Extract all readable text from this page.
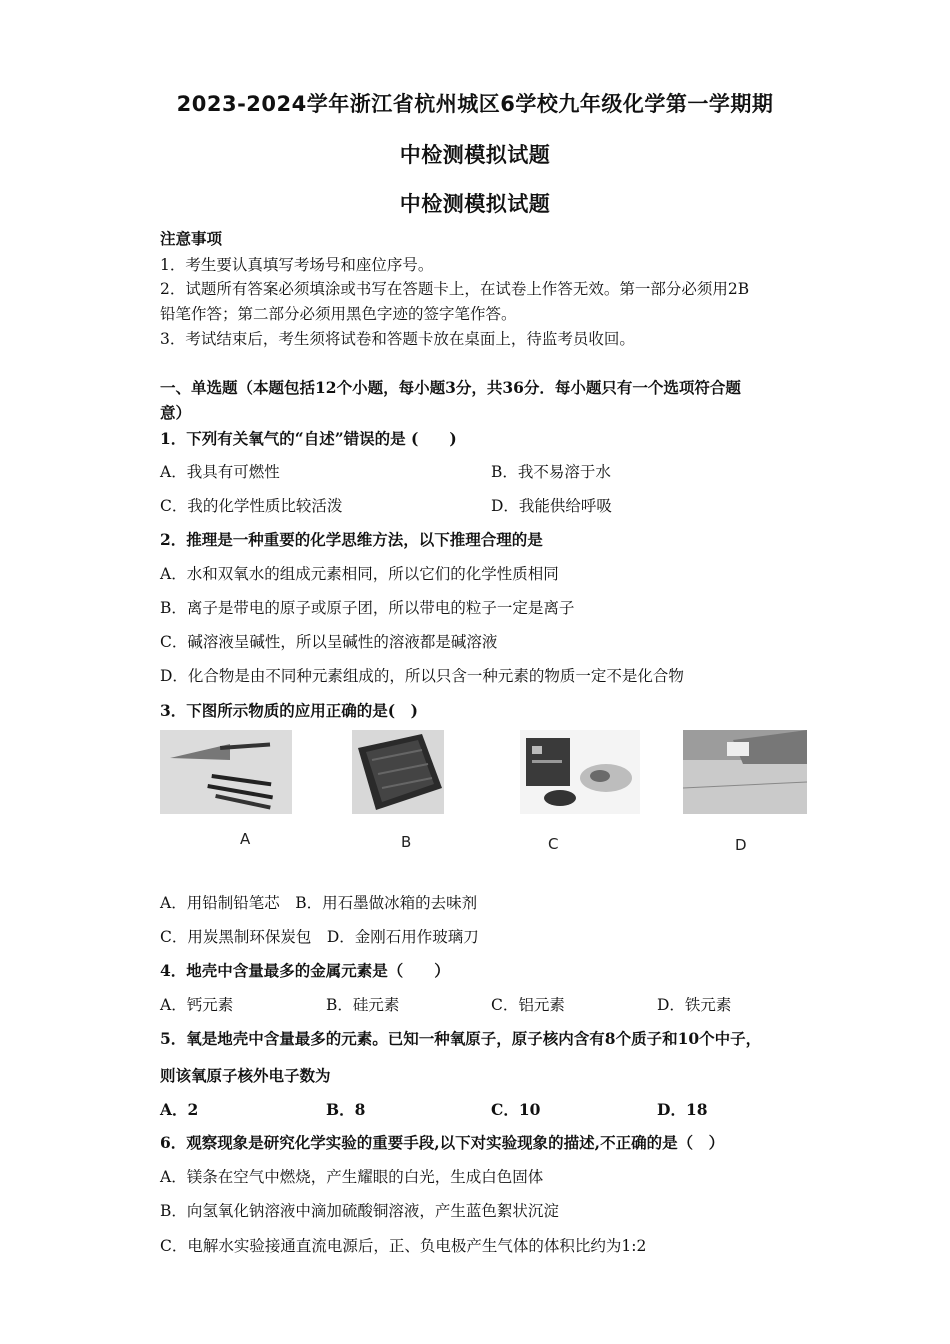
2023-2024学年浙江省杭州城区6学校九年级化学第一学期期
中检测模拟试题
中检测模拟试题
注意事项
1．考生要认真填写考场号和座位序号。
2．试题所有答案必须填涂或书写在答题卡上，在试卷上作答无效。第一部分必须用2B
铅笔作答；第二部分必须用黑色字迹的签字笔作答。
3．考试结束后，考生须将试卷和答题卡放在桌面上，待监考员收回。
一、单选题（本题包括12个小题，每小题3分，共36分．每小题只有一个选项符合题
意）
1．下列有关氧气的“自述”错误的是 (　　)
A．我具有可燃性	B．我不易溶于水
C．我的化学性质比较活泼	D．我能供给呼吸
2．推理是一种重要的化学思维方法，以下推理合理的是
A．水和双氧水的组成元素相同，所以它们的化学性质相同
B．离子是带电的原子或原子团，所以带电的粒子一定是离子
C．碱溶液呈碱性，所以呈碱性的溶液都是碱溶液
D．化合物是由不同种元素组成的，所以只含一种元素的物质一定不是化合物
3．下图所示物质的应用正确的是(　)
A	B	C	D
A．用铅制铅笔芯　B．用石墨做冰箱的去味剂
C．用炭黑制环保炭包　D．金刚石用作玻璃刀
4．地壳中含量最多的金属元素是（　　）
A．钙元素	B．硅元素	C．铝元素	D．铁元素
5．氧是地壳中含量最多的元素。已知一种氧原子，原子核内含有8个质子和10个中子，
则该氧原子核外电子数为
A．2	B．8	C．10	D．18
6．观察现象是研究化学实验的重要手段,以下对实验现象的描述,不正确的是（　）
A．镁条在空气中燃烧，产生耀眼的白光，生成白色固体
B．向氢氧化钠溶液中滴加硫酸铜溶液，产生蓝色絮状沉淀
C．电解水实验接通直流电源后，正、负电极产生气体的体积比约为1:2
